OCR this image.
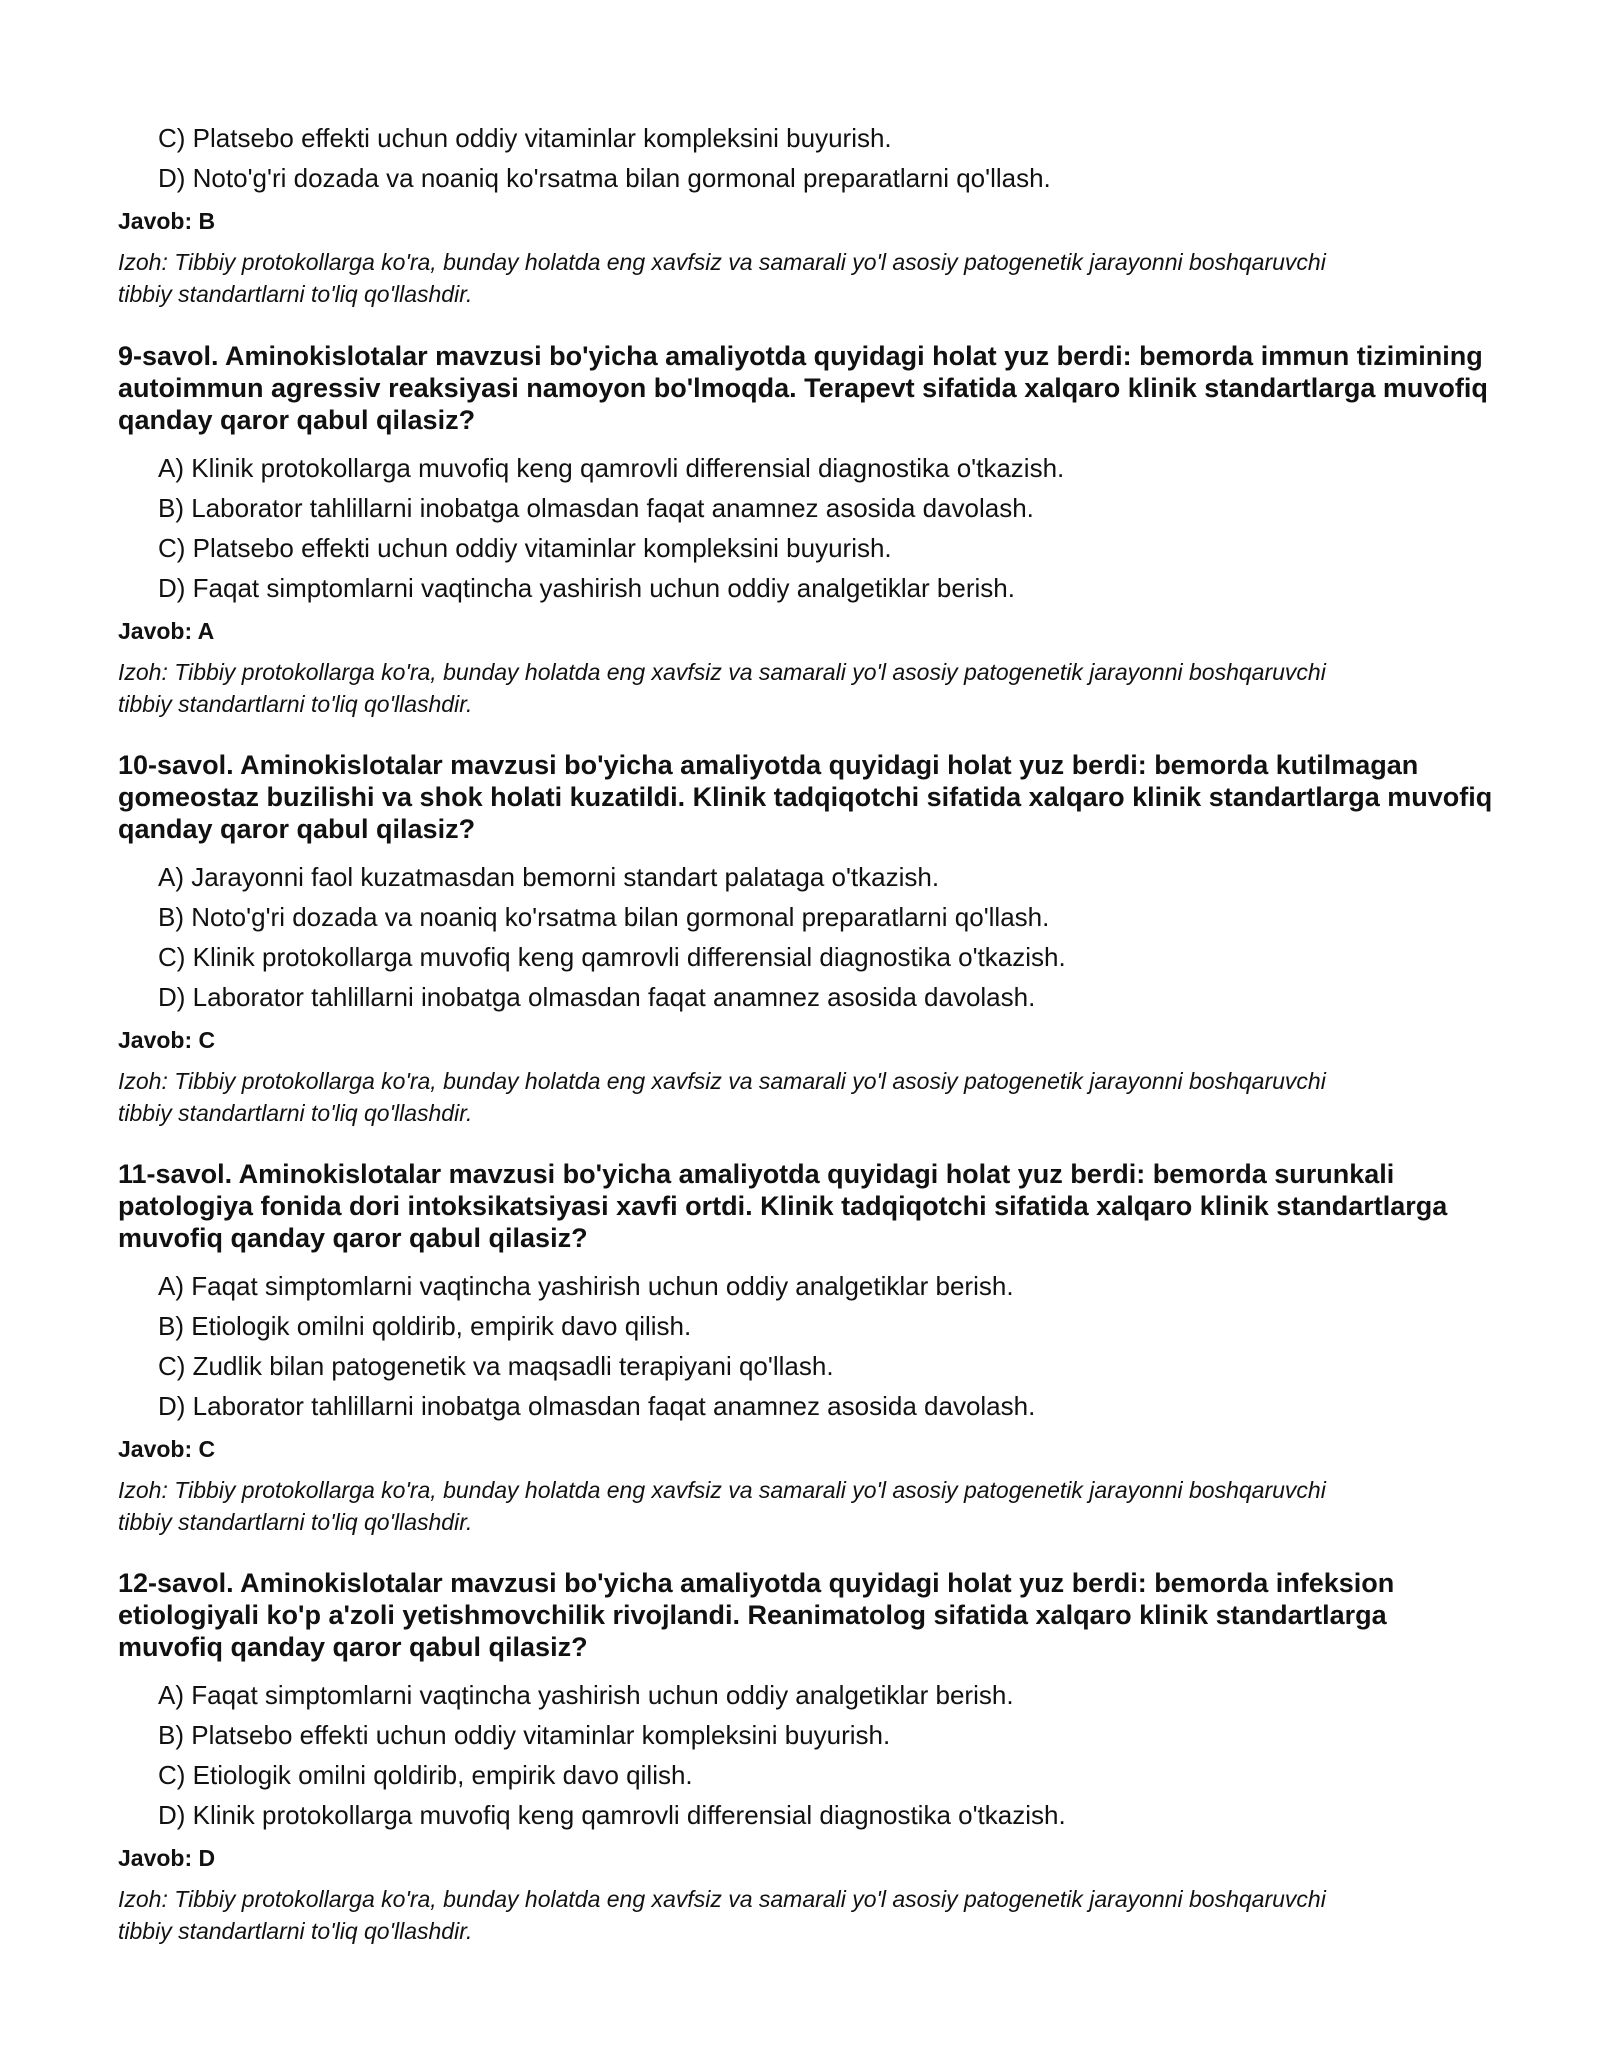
C) Platsebo effekti uchun oddiy vitaminlar kompleksini buyurish.
D) Noto'g'ri dozada va noaniq ko'rsatma bilan gormonal preparatlarni qo'llash.
Javob: B
Izoh: Tibbiy protokollarga ko'ra, bunday holatda eng xavfsiz va samarali yo'l asosiy patogenetik jarayonni boshqaruvchi tibbiy standartlarni to'liq qo'llashdir.

9-savol. Aminokislotalar mavzusi bo'yicha amaliyotda quyidagi holat yuz berdi: bemorda immun tizimining autoimmun agressiv reaksiyasi namoyon bo'lmoqda. Terapevt sifatida xalqaro klinik standartlarga muvofiq qanday qaror qabul qilasiz?

A) Klinik protokollarga muvofiq keng qamrovli differensial diagnostika o'tkazish.
B) Laborator tahlillarni inobatga olmasdan faqat anamnez asosida davolash.
C) Platsebo effekti uchun oddiy vitaminlar kompleksini buyurish.
D) Faqat simptomlarni vaqtincha yashirish uchun oddiy analgetiklar berish.
Javob: A
Izoh: Tibbiy protokollarga ko'ra, bunday holatda eng xavfsiz va samarali yo'l asosiy patogenetik jarayonni boshqaruvchi tibbiy standartlarni to'liq qo'llashdir.

10-savol. Aminokislotalar mavzusi bo'yicha amaliyotda quyidagi holat yuz berdi: bemorda kutilmagan gomeostaz buzilishi va shok holati kuzatildi. Klinik tadqiqotchi sifatida xalqaro klinik standartlarga muvofiq qanday qaror qabul qilasiz?

A) Jarayonni faol kuzatmasdan bemorni standart palataga o'tkazish.
B) Noto'g'ri dozada va noaniq ko'rsatma bilan gormonal preparatlarni qo'llash.
C) Klinik protokollarga muvofiq keng qamrovli differensial diagnostika o'tkazish.
D) Laborator tahlillarni inobatga olmasdan faqat anamnez asosida davolash.
Javob: C
Izoh: Tibbiy protokollarga ko'ra, bunday holatda eng xavfsiz va samarali yo'l asosiy patogenetik jarayonni boshqaruvchi tibbiy standartlarni to'liq qo'llashdir.

11-savol. Aminokislotalar mavzusi bo'yicha amaliyotda quyidagi holat yuz berdi: bemorda surunkali patologiya fonida dori intoksikatsiyasi xavfi ortdi. Klinik tadqiqotchi sifatida xalqaro klinik standartlarga muvofiq qanday qaror qabul qilasiz?

A) Faqat simptomlarni vaqtincha yashirish uchun oddiy analgetiklar berish.
B) Etiologik omilni qoldirib, empirik davo qilish.
C) Zudlik bilan patogenetik va maqsadli terapiyani qo'llash.
D) Laborator tahlillarni inobatga olmasdan faqat anamnez asosida davolash.
Javob: C
Izoh: Tibbiy protokollarga ko'ra, bunday holatda eng xavfsiz va samarali yo'l asosiy patogenetik jarayonni boshqaruvchi tibbiy standartlarni to'liq qo'llashdir.

12-savol. Aminokislotalar mavzusi bo'yicha amaliyotda quyidagi holat yuz berdi: bemorda infeksion etiologiyali ko'p a'zoli yetishmovchilik rivojlandi. Reanimatolog sifatida xalqaro klinik standartlarga muvofiq qanday qaror qabul qilasiz?

A) Faqat simptomlarni vaqtincha yashirish uchun oddiy analgetiklar berish.
B) Platsebo effekti uchun oddiy vitaminlar kompleksini buyurish.
C) Etiologik omilni qoldirib, empirik davo qilish.
D) Klinik protokollarga muvofiq keng qamrovli differensial diagnostika o'tkazish.
Javob: D
Izoh: Tibbiy protokollarga ko'ra, bunday holatda eng xavfsiz va samarali yo'l asosiy patogenetik jarayonni boshqaruvchi tibbiy standartlarni to'liq qo'llashdir.
